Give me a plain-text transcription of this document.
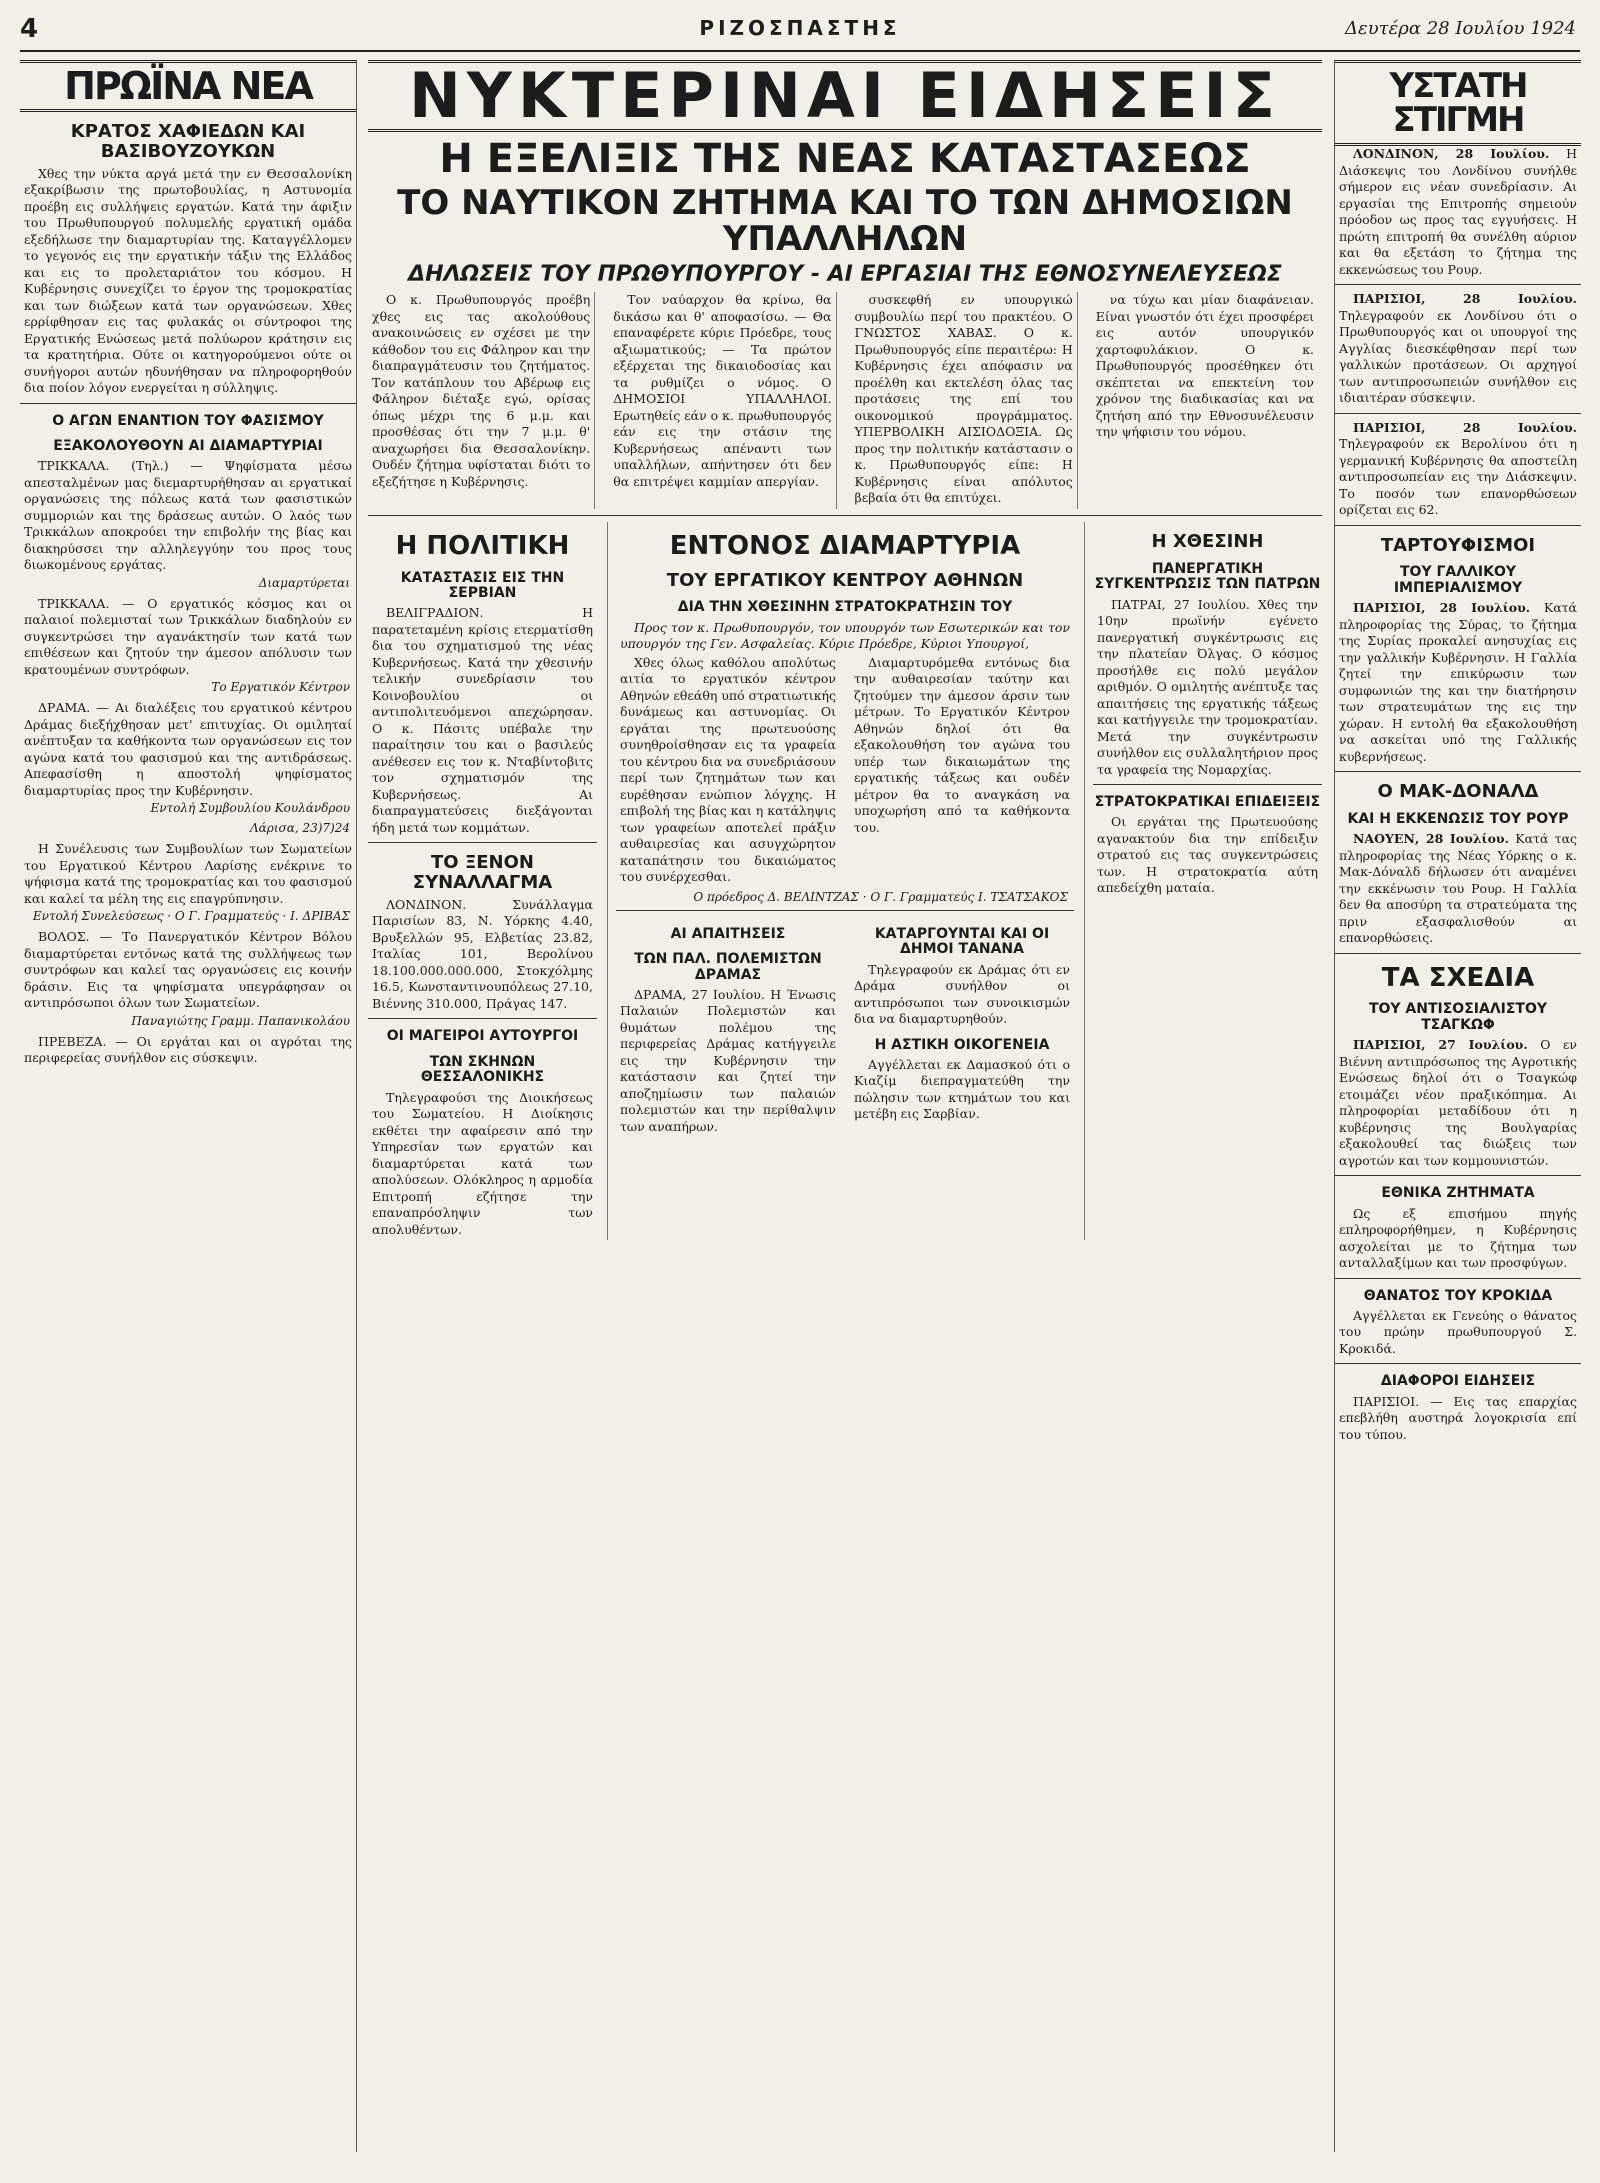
4	ΡΙΖΟΣΠΑΣΤΗΣ	Δευτέρα 28 Ιουλίου 1924
ΠΡΩΪΝΑ ΝΕΑ
ΚΡΑΤΟΣ ΧΑΦΙΕΔΩΝ ΚΑΙ ΒΑΣΙΒΟΥΖΟΥΚΩΝ

Χθες την νύκτα αργά μετά την εν Θεσσαλονίκη εξακρίβωσιν της πρωτοβουλίας, η Αστυνομία προέβη εις συλλήψεις εργατών. Κατά την άφιξιν του Πρωθυπουργού πολυμελής εργατική ομάδα εξεδήλωσε την διαμαρτυρίαν της. Καταγγέλλομεν το γεγονός εις την εργατικήν τάξιν της Ελλάδος και εις το προλεταριάτον του κόσμου. Η Κυβέρνησις συνεχίζει το έργον της τρομοκρατίας και των διώξεων κατά των οργανώσεων. Χθες ερρίφθησαν εις τας φυλακάς οι σύντροφοι της Εργατικής Ενώσεως μετά πολύωρον κράτησιν εις τα κρατητήρια. Ούτε οι κατηγορούμενοι ούτε οι συνήγοροι αυτών ηδυνήθησαν να πληροφορηθούν δια ποίον λόγον ενεργείται η σύλληψις.

Ο ΑΓΩΝ ΕΝΑΝΤΙΟΝ ΤΟΥ ΦΑΣΙΣΜΟΥ
ΕΞΑΚΟΛΟΥΘΟΥΝ ΑΙ ΔΙΑΜΑΡΤΥΡΙΑΙ

ΤΡΙΚΚΑΛΑ. (Τηλ.) — Ψηφίσματα μέσω απεσταλμένων μας διεμαρτυρήθησαν αι εργατικαί οργανώσεις της πόλεως κατά των φασιστικών συμμοριών και της δράσεως αυτών. Ο λαός των Τρικκάλων αποκρούει την επιβολήν της βίας και διακηρύσσει την αλληλεγγύην του προς τους διωκομένους εργάτας.

Διαμαρτύρεται

ΤΡΙΚΚΑΛΑ. — Ο εργατικός κόσμος και οι παλαιοί πολεμισταί των Τρικκάλων διαδηλούν εν συγκεντρώσει την αγανάκτησίν των κατά των επιθέσεων και ζητούν την άμεσον απόλυσιν των κρατουμένων συντρόφων.

Το Εργατικόν Κέντρον

ΔΡΑΜΑ. — Αι διαλέξεις του εργατικού κέντρου Δράμας διεξήχθησαν μετ' επιτυχίας. Οι ομιληταί ανέπτυξαν τα καθήκοντα των οργανώσεων εις τον αγώνα κατά του φασισμού και της αντιδράσεως. Απεφασίσθη η αποστολή ψηφίσματος διαμαρτυρίας προς την Κυβέρνησιν.

Εντολή Συμβουλίου Κουλάνδρου
Λάρισα, 23)7)24

Η Συνέλευσις των Συμβουλίων των Σωματείων του Εργατικού Κέντρου Λαρίσης ενέκρινε το ψήφισμα κατά της τρομοκρατίας και του φασισμού και καλεί τα μέλη της εις επαγρύπνησιν.

Εντολή Συνελεύσεως · Ο Γ. Γραμματεύς · Ι. ΔΡΙΒΑΣ

ΒΟΛΟΣ. — Το Πανεργατικόν Κέντρον Βόλου διαμαρτύρεται εντόνως κατά της συλλήψεως των συντρόφων και καλεί τας οργανώσεις εις κοινήν δράσιν. Εις τα ψηφίσματα υπεγράφησαν οι αντιπρόσωποι όλων των Σωματείων.

Παναγιώτης Γραμμ. Παπανικολάου

ΠΡΕΒΕΖΑ. — Οι εργάται και οι αγρόται της περιφερείας συνήλθον εις σύσκεψιν.

ΝΥΚΤΕΡΙΝΑΙ ΕΙΔΗΣΕΙΣ
Η ΕΞΕΛΙΞΙΣ ΤΗΣ ΝΕΑΣ ΚΑΤΑΣΤΑΣΕΩΣ
ΤΟ ΝΑΥΤΙΚΟΝ ΖΗΤΗΜΑ ΚΑΙ ΤΟ ΤΩΝ ΔΗΜΟΣΙΩΝ ΥΠΑΛΛΗΛΩΝ
ΔΗΛΩΣΕΙΣ ΤΟΥ ΠΡΩΘΥΠΟΥΡΓΟΥ - ΑΙ ΕΡΓΑΣΙΑΙ ΤΗΣ ΕΘΝΟΣΥΝΕΛΕΥΣΕΩΣ

Ο κ. Πρωθυπουργός προέβη χθες εις τας ακολούθους ανακοινώσεις εν σχέσει με την κάθοδον του εις Φάληρον και την διαπραγμάτευσιν του ζητήματος. Τον κατάπλουν του Αβέρωφ εις Φάληρον διέταξε εγώ, ορίσας όπως μέχρι της 6 μ.μ. και προσθέσας ότι την 7 μ.μ. θ' αναχωρήσει δια Θεσσαλονίκην. Ουδέν ζήτημα υφίσταται διότι το εξεζήτησε η Κυβέρνησις.

Τον ναύαρχον θα κρίνω, θα δικάσω και θ' αποφασίσω. — Θα επαναφέρετε κύριε Πρόεδρε, τους αξιωματικούς; — Τα πρώτον εξέρχεται της δικαιοδοσίας και τα ρυθμίζει ο νόμος. Ο ΔΗΜΟΣΙΟΙ ΥΠΑΛΛΗΛΟΙ. Ερωτηθείς εάν ο κ. πρωθυπουργός εάν εις την στάσιν της Κυβερνήσεως απέναντι των υπαλλήλων, απήντησεν ότι δεν θα επιτρέψει καμμίαν απεργίαν.

συσκεφθή εν υπουργικώ συμβουλίω περί του πρακτέου. Ο ΓΝΩΣΤΟΣ ΧΑΒΑΣ. Ο κ. Πρωθυπουργός είπε περαιτέρω: Η Κυβέρνησις έχει απόφασιν να προέλθη και εκτελέση όλας τας προτάσεις της επί του οικονομικού προγράμματος. ΥΠΕΡΒΟΛΙΚΗ ΑΙΣΙΟΔΟΞΙΑ. Ως προς την πολιτικήν κατάστασιν ο κ. Πρωθυπουργός είπε: Η Κυβέρνησις είναι απόλυτος βεβαία ότι θα επιτύχει.

να τύχω και μίαν διαφάνειαν. Είναι γνωστόν ότι έχει προσφέρει εις αυτόν υπουργικόν χαρτοφυλάκιον. Ο κ. Πρωθυπουργός προσέθηκεν ότι σκέπτεται να επεκτείνη τον χρόνον της διαδικασίας και να ζητήση από την Εθνοσυνέλευσιν την ψήφισιν του νόμου.

Η ΠΟΛΙΤΙΚΗ
ΚΑΤΑΣΤΑΣΙΣ ΕΙΣ ΤΗΝ ΣΕΡΒΙΑΝ

ΒΕΛΙΓΡΑΔΙΟΝ. Η παρατεταμένη κρίσις ετερματίσθη δια του σχηματισμού της νέας Κυβερνήσεως. Κατά την χθεσινήν τελικήν συνεδρίασιν του Κοινοβουλίου οι αντιπολιτευόμενοι απεχώρησαν. Ο κ. Πάσιτς υπέβαλε την παραίτησιν του και ο βασιλεύς ανέθεσεν εις τον κ. Νταβίντοβιτς τον σχηματισμόν της Κυβερνήσεως. Αι διαπραγματεύσεις διεξάγονται ήδη μετά των κομμάτων.

ΤΟ ΞΕΝΟΝ ΣΥΝΑΛΛΑΓΜΑ

ΛΟΝΔΙΝΟΝ. Συνάλλαγμα Παρισίων 83, Ν. Υόρκης 4.40, Βρυξελλών 95, Ελβετίας 23.82, Ιταλίας 101, Βερολίνου 18.100.000.000.000, Στοκχόλμης 16.5, Κωνσταντινουπόλεως 27.10, Βιέννης 310.000, Πράγας 147.

ΟΙ ΜΑΓΕΙΡΟΙ ΑΥΤΟΥΡΓΟΙ
ΤΩΝ ΣΚΗΝΩΝ ΘΕΣΣΑΛΟΝΙΚΗΣ

Τηλεγραφούσι της Διοικήσεως του Σωματείου. Η Διοίκησις εκθέτει την αφαίρεσιν από την Υπηρεσίαν των εργατών και διαμαρτύρεται κατά των απολύσεων. Ολόκληρος η αρμοδία Επιτροπή εζήτησε την επαναπρόσληψιν των απολυθέντων.

ΕΝΤΟΝΟΣ ΔΙΑΜΑΡΤΥΡΙΑ
ΤΟΥ ΕΡΓΑΤΙΚΟΥ ΚΕΝΤΡΟΥ ΑΘΗΝΩΝ
ΔΙΑ ΤΗΝ ΧΘΕΣΙΝΗΝ ΣΤΡΑΤΟΚΡΑΤΗΣΙΝ ΤΟΥ

Προς τον κ. Πρωθυπουργόν, τον υπουργόν των Εσωτερικών και τον υπουργόν της Γεν. Ασφαλείας. Κύριε Πρόεδρε, Κύριοι Υπουργοί,

Χθες όλως καθόλου απολύτως αιτία το εργατικόν κέντρον Αθηνών εθεάθη υπό στρατιωτικής δυνάμεως και αστυνομίας. Οι εργάται της πρωτευούσης συνηθροίσθησαν εις τα γραφεία του κέντρου δια να συνεδριάσουν περί των ζητημάτων των και ευρέθησαν ενώπιον λόγχης. Η επιβολή της βίας και η κατάληψις των γραφείων αποτελεί πράξιν αυθαιρεσίας και ασυγχώρητον καταπάτησιν του δικαιώματος του συνέρχεσθαι.

Διαμαρτυρόμεθα εντόνως δια την αυθαιρεσίαν ταύτην και ζητούμεν την άμεσον άρσιν των μέτρων. Το Εργατικόν Κέντρον Αθηνών δηλοί ότι θα εξακολουθήση τον αγώνα του υπέρ των δικαιωμάτων της εργατικής τάξεως και ουδέν μέτρον θα το αναγκάση να υποχωρήση από τα καθήκοντα του.

Ο πρόεδρος Δ. ΒΕΛΙΝΤΖΑΣ · Ο Γ. Γραμματεύς Ι. ΤΣΑΤΣΑΚΟΣ
ΑΙ ΑΠΑΙΤΗΣΕΙΣ
ΤΩΝ ΠΑΛ. ΠΟΛΕΜΙΣΤΩΝ ΔΡΑΜΑΣ

ΔΡΑΜΑ, 27 Ιουλίου. Η Ένωσις Παλαιών Πολεμιστών και θυμάτων πολέμου της περιφερείας Δράμας κατήγγειλε εις την Κυβέρνησιν την κατάστασιν και ζητεί την αποζημίωσιν των παλαιών πολεμιστών και την περίθαλψιν των αναπήρων.

ΚΑΤΑΡΓΟΥΝΤΑΙ ΚΑΙ ΟΙ ΔΗΜΟΙ ΤΑΝΑΝΑ

Τηλεγραφούν εκ Δράμας ότι εν Δράμα συνήλθον οι αντιπρόσωποι των συνοικισμών δια να διαμαρτυρηθούν.

Η ΑΣΤΙΚΗ ΟΙΚΟΓΕΝΕΙΑ

Αγγέλλεται εκ Δαμασκού ότι ο Κιαζίμ διεπραγματεύθη την πώλησιν των κτημάτων του και μετέβη εις Σαρβίαν.

Η ΧΘΕΣΙΝΗ
ΠΑΝΕΡΓΑΤΙΚΗ ΣΥΓΚΕΝΤΡΩΣΙΣ ΤΩΝ ΠΑΤΡΩΝ

ΠΑΤΡΑΙ, 27 Ιουλίου. Χθες την 10ην πρωϊνήν εγένετο πανεργατική συγκέντρωσις εις την πλατείαν Όλγας. Ο κόσμος προσήλθε εις πολύ μεγάλον αριθμόν. Ο ομιλητής ανέπτυξε τας απαιτήσεις της εργατικής τάξεως και κατήγγειλε την τρομοκρατίαν. Μετά την συγκέντρωσιν συνήλθον εις συλλαλητήριον προς τα γραφεία της Νομαρχίας.

ΣΤΡΑΤΟΚΡΑΤΙΚΑΙ ΕΠΙΔΕΙΞΕΙΣ

Οι εργάται της Πρωτευούσης αγανακτούν δια την επίδειξιν στρατού εις τας συγκεντρώσεις των. Η στρατοκρατία αύτη απεδείχθη ματαία.

ΥΣΤΑΤΗ ΣΤΙΓΜΗ

ΛΟΝΔΙΝΟΝ, 28 Ιουλίου. Η Διάσκεψις του Λονδίνου συνήλθε σήμερον εις νέαν συνεδρίασιν. Αι εργασίαι της Επιτροπής σημειούν πρόοδον ως προς τας εγγυήσεις. Η πρώτη επιτροπή θα συνέλθη αύριον και θα εξετάση το ζήτημα της εκκενώσεως του Ρουρ.

ΠΑΡΙΣΙΟΙ, 28 Ιουλίου. Τηλεγραφούν εκ Λονδίνου ότι ο Πρωθυπουργός και οι υπουργοί της Αγγλίας διεσκέφθησαν περί των γαλλικών προτάσεων. Οι αρχηγοί των αντιπροσωπειών συνήλθον εις ιδιαιτέραν σύσκεψιν.

ΠΑΡΙΣΙΟΙ, 28 Ιουλίου. Τηλεγραφούν εκ Βερολίνου ότι η γερμανική Κυβέρνησις θα αποστείλη αντιπροσωπείαν εις την Διάσκεψιν. Το ποσόν των επανορθώσεων ορίζεται εις 62.

ΤΑΡΤΟΥΦΙΣΜΟΙ
ΤΟΥ ΓΑΛΛΙΚΟΥ ΙΜΠΕΡΙΑΛΙΣΜΟΥ

ΠΑΡΙΣΙΟΙ, 28 Ιουλίου. Κατά πληροφορίας της Σύρας, το ζήτημα της Συρίας προκαλεί ανησυχίας εις την γαλλικήν Κυβέρνησιν. Η Γαλλία ζητεί την επικύρωσιν των συμφωνιών της και την διατήρησιν των στρατευμάτων της εις την χώραν. Η εντολή θα εξακολουθήση να ασκείται υπό της Γαλλικής κυβερνήσεως.

Ο ΜΑΚ-ΔΟΝΑΛΔ
ΚΑΙ Η ΕΚΚΕΝΩΣΙΣ ΤΟΥ ΡΟΥΡ

ΝΑΟΥΕΝ, 28 Ιουλίου. Κατά τας πληροφορίας της Νέας Υόρκης ο κ. Μακ-Δόναλδ δήλωσεν ότι αναμένει την εκκένωσιν του Ρουρ. Η Γαλλία δεν θα αποσύρη τα στρατεύματα της πριν εξασφαλισθούν αι επανορθώσεις.

ΤΑ ΣΧΕΔΙΑ
ΤΟΥ ΑΝΤΙΣΟΣΙΑΛΙΣΤΟΥ ΤΣΑΓΚΩΦ

ΠΑΡΙΣΙΟΙ, 27 Ιουλίου. Ο εν Βιέννη αντιπρόσωπος της Αγροτικής Ενώσεως δηλοί ότι ο Τσαγκώφ ετοιμάζει νέον πραξικόπημα. Αι πληροφορίαι μεταδίδουν ότι η κυβέρνησις της Βουλγαρίας εξακολουθεί τας διώξεις των αγροτών και των κομμουνιστών.

ΕΘΝΙΚΑ ΖΗΤΗΜΑΤΑ

Ως εξ επισήμου πηγής επληροφορήθημεν, η Κυβέρνησις ασχολείται με το ζήτημα των ανταλλαξίμων και των προσφύγων.

ΘΑΝΑΤΟΣ ΤΟΥ ΚΡΟΚΙΔΑ

Αγγέλλεται εκ Γενεύης ο θάνατος του πρώην πρωθυπουργού Σ. Κροκιδά.

ΔΙΑΦΟΡΟΙ ΕΙΔΗΣΕΙΣ

ΠΑΡΙΣΙΟΙ. — Εις τας επαρχίας επεβλήθη αυστηρά λογοκρισία επί του τύπου.
